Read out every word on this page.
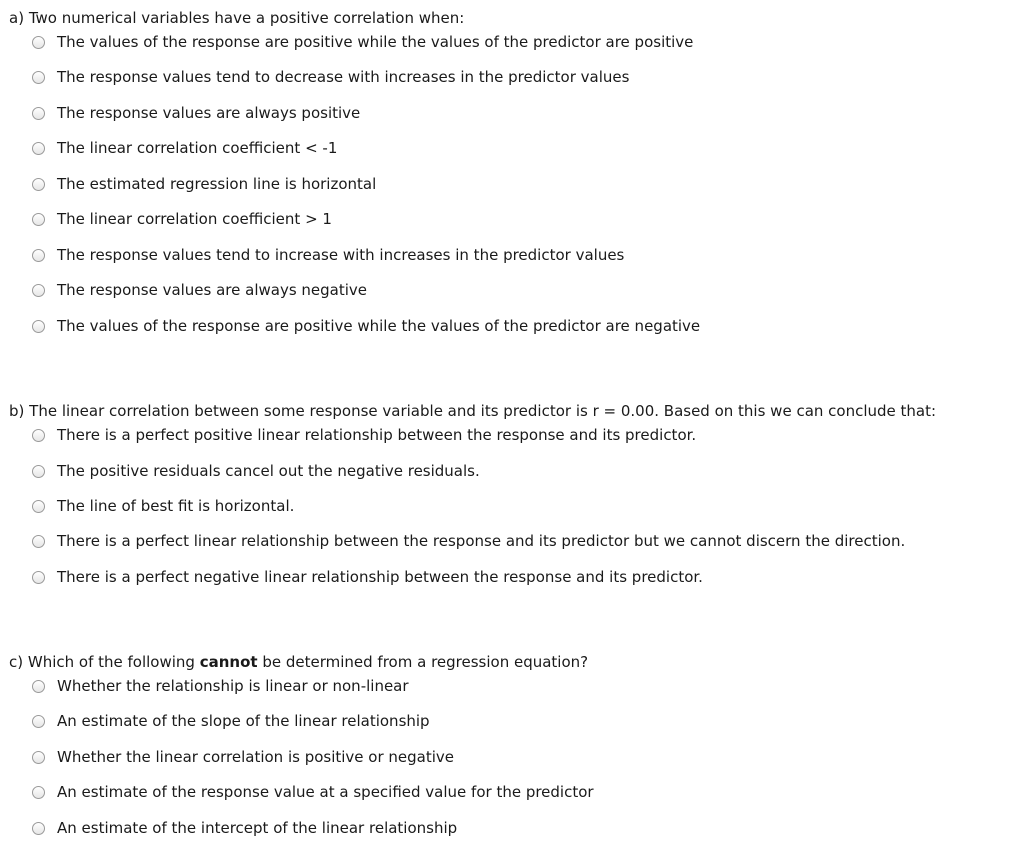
a) Two numerical variables have a positive correlation when:
The values of the response are positive while the values of the predictor are positive
The response values tend to decrease with increases in the predictor values
The response values are always positive
The linear correlation coefficient < -1
The estimated regression line is horizontal
The linear correlation coefficient > 1
The response values tend to increase with increases in the predictor values
The response values are always negative
The values of the response are positive while the values of the predictor are negative
b) The linear correlation between some response variable and its predictor is r = 0.00. Based on this we can conclude that:
There is a perfect positive linear relationship between the response and its predictor.
The positive residuals cancel out the negative residuals.
The line of best fit is horizontal.
There is a perfect linear relationship between the response and its predictor but we cannot discern the direction.
There is a perfect negative linear relationship between the response and its predictor.
c) Which of the following cannot be determined from a regression equation?
Whether the relationship is linear or non-linear
An estimate of the slope of the linear relationship
Whether the linear correlation is positive or negative
An estimate of the response value at a specified value for the predictor
An estimate of the intercept of the linear relationship
